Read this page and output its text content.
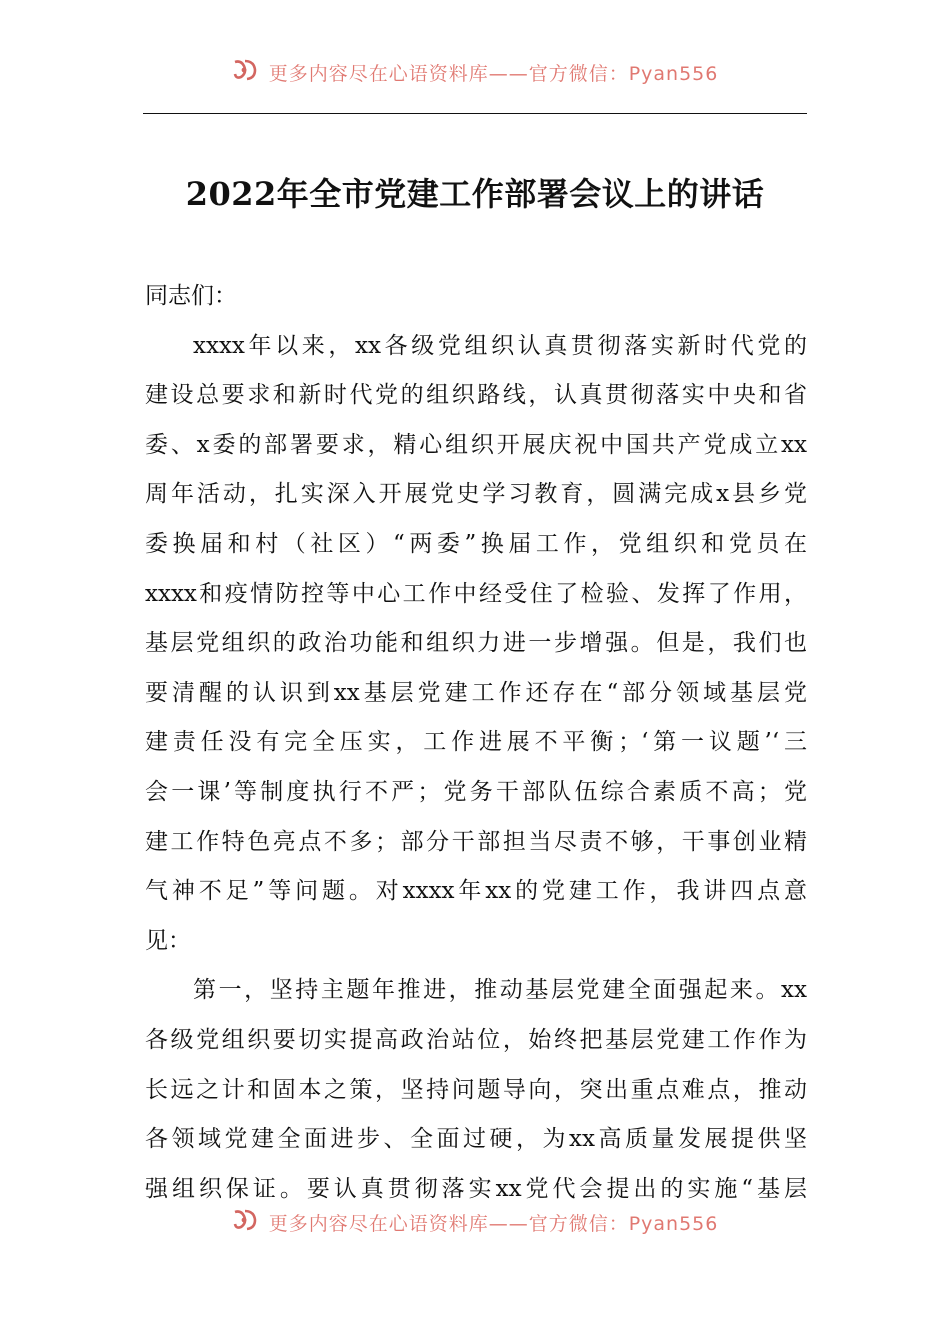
更多内容尽在心语资料库——官方微信：Pyan556
2022年全市党建工作部署会议上的讲话
同志们：
xxxx年以来，xx各级党组织认真贯彻落实新时代党的
建设总要求和新时代党的组织路线，认真贯彻落实中央和省
委、x委的部署要求，精心组织开展庆祝中国共产党成立xx
周年活动，扎实深入开展党史学习教育，圆满完成x县乡党
委换届和村（社区）“两委”换届工作，党组织和党员在
xxxx和疫情防控等中心工作中经受住了检验、发挥了作用，
基层党组织的政治功能和组织力进一步增强。但是，我们也
要清醒的认识到xx基层党建工作还存在“部分领域基层党
建责任没有完全压实，工作进展不平衡；‘第一议题’‘三
会一课’等制度执行不严；党务干部队伍综合素质不高；党
建工作特色亮点不多；部分干部担当尽责不够，干事创业精
气神不足”等问题。对xxxx年xx的党建工作，我讲四点意
见：
第一，坚持主题年推进，推动基层党建全面强起来。xx
各级党组织要切实提高政治站位，始终把基层党建工作作为
长远之计和固本之策，坚持问题导向，突出重点难点，推动
各领域党建全面进步、全面过硬，为xx高质量发展提供坚
强组织保证。要认真贯彻落实xx党代会提出的实施“基层
更多内容尽在心语资料库——官方微信：Pyan556
